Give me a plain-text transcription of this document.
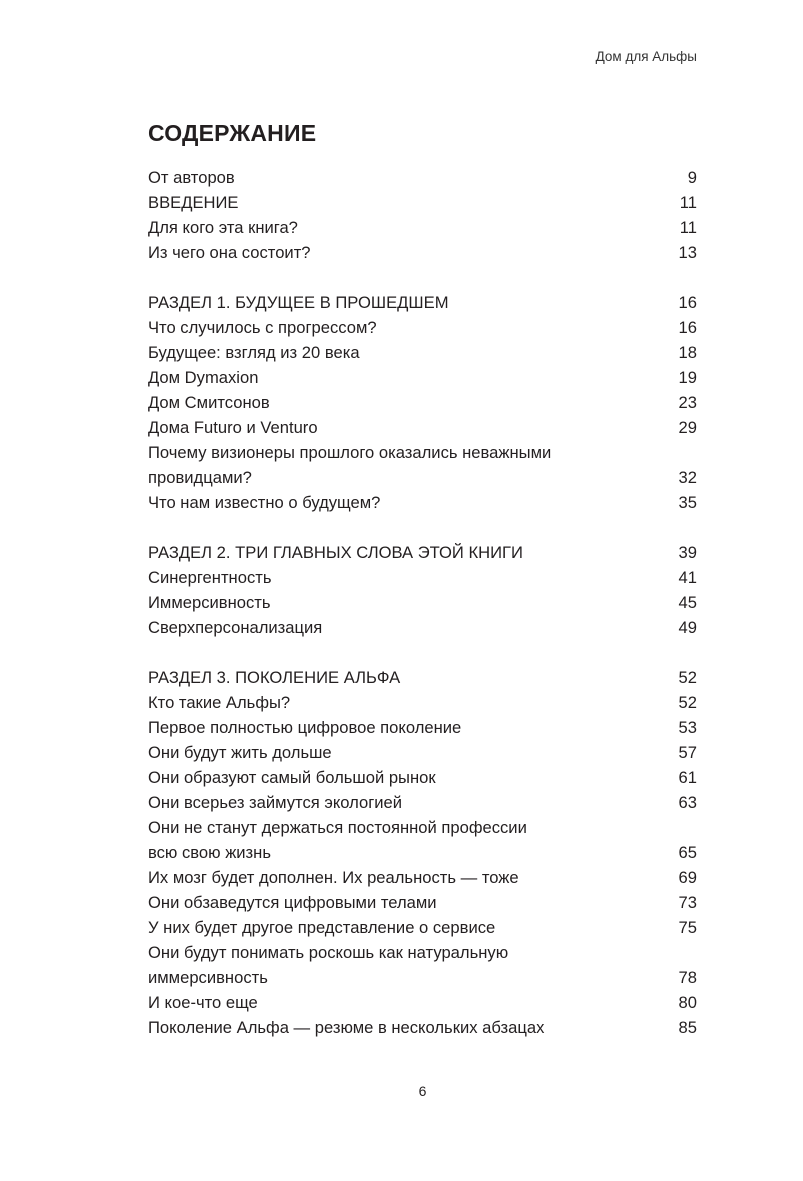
Дом для Альфы
СОДЕРЖАНИЕ
От авторов	9
ВВЕДЕНИЕ	11
Для кого эта книга?	11
Из чего она состоит?	13
РАЗДЕЛ 1. БУДУЩЕЕ В ПРОШЕДШЕМ	16
Что случилось с прогрессом?	16
Будущее: взгляд из 20 века	18
Дом Dymaxion	19
Дом Смитсонов	23
Дома Futuro и Venturo	29
Почему визионеры прошлого оказались неважными
провидцами?	32
Что нам известно о будущем?	35
РАЗДЕЛ 2. ТРИ ГЛАВНЫХ СЛОВА ЭТОЙ КНИГИ	39
Синергентность	41
Иммерсивность	45
Сверхперсонализация	49
РАЗДЕЛ 3. ПОКОЛЕНИЕ АЛЬФА	52
Кто такие Альфы?	52
Первое полностью цифровое поколение	53
Они будут жить дольше	57
Они образуют самый большой рынок	61
Они всерьез займутся экологией	63
Они не станут держаться постоянной профессии
всю свою жизнь	65
Их мозг будет дополнен. Их реальность — тоже	69
Они обзаведутся цифровыми телами	73
У них будет другое представление о сервисе	75
Они будут понимать роскошь как натуральную
иммерсивность	78
И кое-что еще	80
Поколение Альфа — резюме в нескольких абзацах	85
6
